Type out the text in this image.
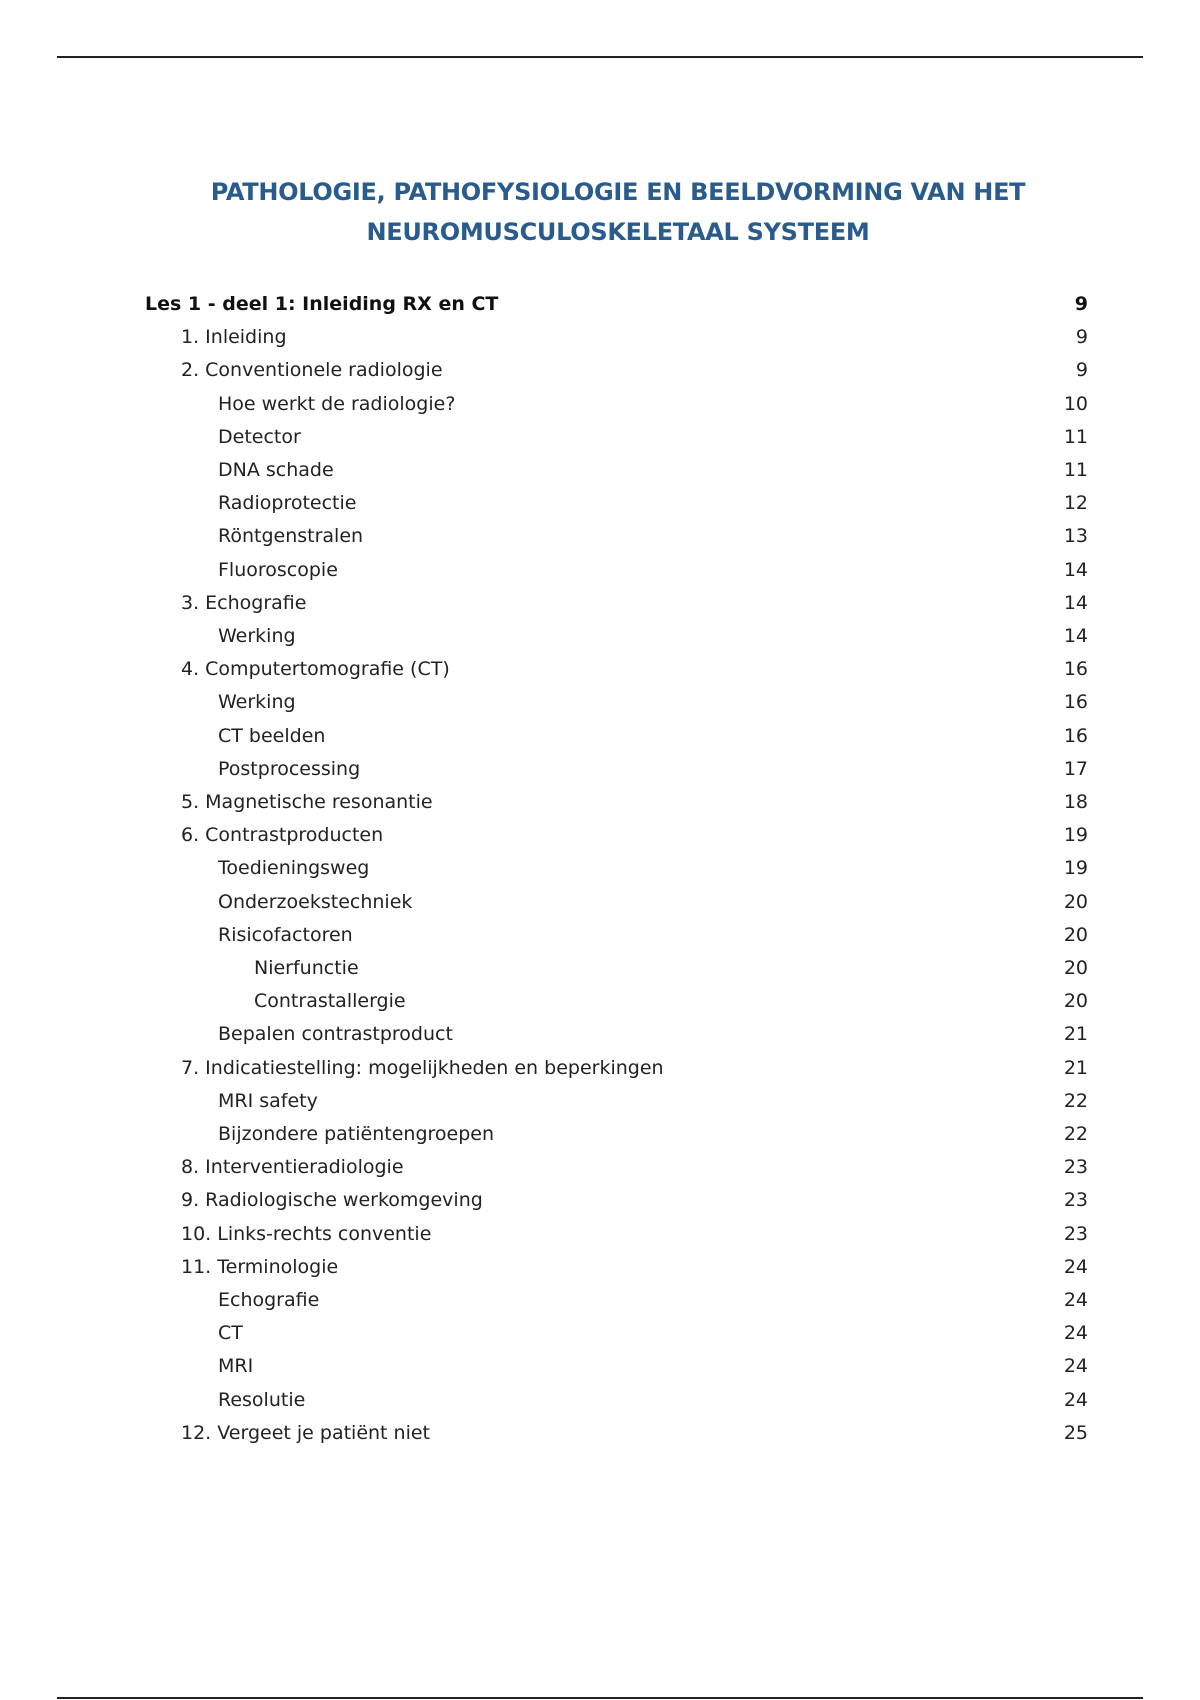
PATHOLOGIE, PATHOFYSIOLOGIE EN BEELDVORMING VAN HET
NEUROMUSCULOSKELETAAL SYSTEEM
Les 1 - deel 1: Inleiding RX en CT	9
1. Inleiding	9
2. Conventionele radiologie	9
Hoe werkt de radiologie?	10
Detector	11
DNA schade	11
Radioprotectie	12
Röntgenstralen	13
Fluoroscopie	14
3. Echografie	14
Werking	14
4. Computertomografie (CT)	16
Werking	16
CT beelden	16
Postprocessing	17
5. Magnetische resonantie	18
6. Contrastproducten	19
Toedieningsweg	19
Onderzoekstechniek	20
Risicofactoren	20
Nierfunctie	20
Contrastallergie	20
Bepalen contrastproduct	21
7. Indicatiestelling: mogelijkheden en beperkingen	21
MRI safety	22
Bijzondere patiëntengroepen	22
8. Interventieradiologie	23
9. Radiologische werkomgeving	23
10. Links-rechts conventie	23
11. Terminologie	24
Echografie	24
CT	24
MRI	24
Resolutie	24
12. Vergeet je patiënt niet	25
